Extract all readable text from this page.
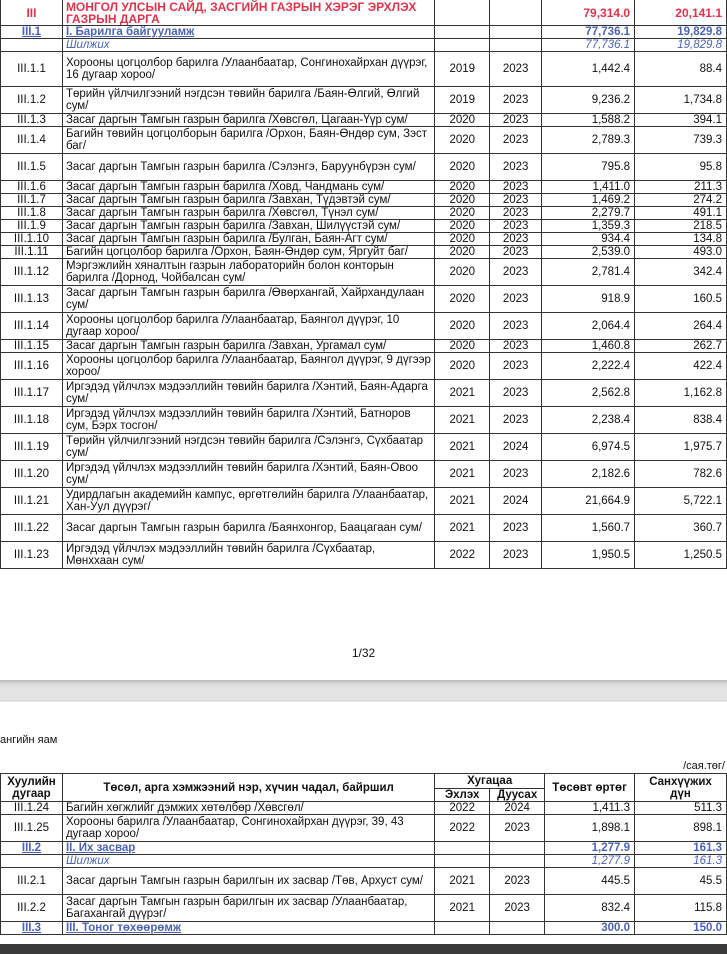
III	МОНГОЛ УЛСЫН САЙД, ЗАСГИЙН ГАЗРЫН ХЭРЭГ ЭРХЛЭХ ГАЗРЫН ДАРГА			79,314.0	20,141.1
III.1	I. Барилга байгууламж			77,736.1	19,829.8
	Шилжих			77,736.1	19,829.8
III.1.1	Хорооны цогцолбор барилга /Улаанбаатар, Сонгинохайрхан дүүрэг, 16 дугаар хороо/	2019	2023	1,442.4	88.4
III.1.2	Төрийн үйлчилгээний нэгдсэн төвийн барилга /Баян-Өлгий, Өлгий сум/	2019	2023	9,236.2	1,734.8
III.1.3	Засаг даргын Тамгын газрын барилга /Хөвсгөл, Цагаан-Үүр сум/	2020	2023	1,588.2	394.1
III.1.4	Багийн төвийн цогцолборын барилга /Орхон, Баян-Өндөр сум, Зэст баг/	2020	2023	2,789.3	739.3
III.1.5	Засаг даргын Тамгын газрын барилга /Сэлэнгэ, Баруунбүрэн сум/	2020	2023	795.8	95.8
III.1.6	Засаг даргын Тамгын газрын барилга /Ховд, Чандмань сум/	2020	2023	1,411.0	211.3
III.1.7	Засаг даргын Тамгын газрын барилга /Завхан, Түдэвтэй сум/	2020	2023	1,469.2	274.2
III.1.8	Засаг даргын Тамгын газрын барилга /Хөвсгөл, Түнэл сум/	2020	2023	2,279.7	491.1
III.1.9	Засаг даргын Тамгын газрын барилга /Завхан, Шилүүстэй сум/	2020	2023	1,359.3	218.5
III.1.10	Засаг даргын Тамгын газрын барилга /Булган, Баян-Агт сум/	2020	2023	934.4	134.8
III.1.11	Багийн цогцолбор барилга /Орхон, Баян-Өндөр сум, Яргуйт баг/	2020	2023	2,539.0	493.0
III.1.12	Мэргэжлийн хяналтын газрын лабораторийн болон конторын барилга /Дорнод, Чойбалсан сум/	2020	2023	2,781.4	342.4
III.1.13	Засаг даргын Тамгын газрын барилга /Өвөрхангай, Хайрхандулаан сум/	2020	2023	918.9	160.5
III.1.14	Хорооны цогцолбор барилга /Улаанбаатар, Баянгол дүүрэг, 10 дугаар хороо/	2020	2023	2,064.4	264.4
III.1.15	Засаг даргын Тамгын газрын барилга /Завхан, Ургамал сум/	2020	2023	1,460.8	262.7
III.1.16	Хорооны цогцолбор барилга /Улаанбаатар, Баянгол дүүрэг, 9 дүгээр хороо/	2020	2023	2,222.4	422.4
III.1.17	Иргэдэд үйлчлэх мэдээллийн төвийн барилга /Хэнтий, Баян-Адарга сум/	2021	2023	2,562.8	1,162.8
III.1.18	Иргэдэд үйлчлэх мэдээллийн төвийн барилга /Хэнтий, Батноров сум, Бэрх тосгон/	2021	2023	2,238.4	838.4
III.1.19	Төрийн үйлчилгээний нэгдсэн төвийн барилга /Сэлэнгэ, Сүхбаатар сум/	2021	2024	6,974.5	1,975.7
III.1.20	Иргэдэд үйлчлэх мэдээллийн төвийн барилга /Хэнтий, Баян-Овоо сум/	2021	2023	2,182.6	782.6
III.1.21	Удирдлагын академийн кампус, өргөтгөлийн барилга /Улаанбаатар, Хан-Уул дүүрэг/	2021	2024	21,664.9	5,722.1
III.1.22	Засаг даргын Тамгын газрын барилга /Баянхонгор, Баацагаан сум/	2021	2023	1,560.7	360.7
III.1.23	Иргэдэд үйлчлэх мэдээллийн төвийн барилга /Сүхбаатар, Мөнххаан сум/	2022	2023	1,950.5	1,250.5
1/32
ангийн яам
/сая.төг/
Хуулийн дугаар	Төсөл, арга хэмжээний нэр, хүчин чадал, байршил	Хугацаа		Төсөвт өртөг	Санхүүжих дүн
		Эхлэх	Дуусах		
III.1.24	Багийн хөгжлийг дэмжих хөтөлбөр /Хөвсгөл/	2022	2024	1,411.3	511.3
III.1.25	Хорооны барилга /Улаанбаатар, Сонгинохайрхан дүүрэг, 39, 43 дугаар хороо/	2022	2023	1,898.1	898.1
III.2	II. Их засвар			1,277.9	161.3
	Шилжих			1,277.9	161.3
III.2.1	Засаг даргын Тамгын газрын барилгын их засвар /Төв, Архуст сум/	2021	2023	445.5	45.5
III.2.2	Засаг даргын Тамгын газрын барилгын их засвар /Улаанбаатар, Багахангай дүүрэг/	2021	2023	832.4	115.8
III.3	III. Тоног төхөөрөмж			300.0	150.0
